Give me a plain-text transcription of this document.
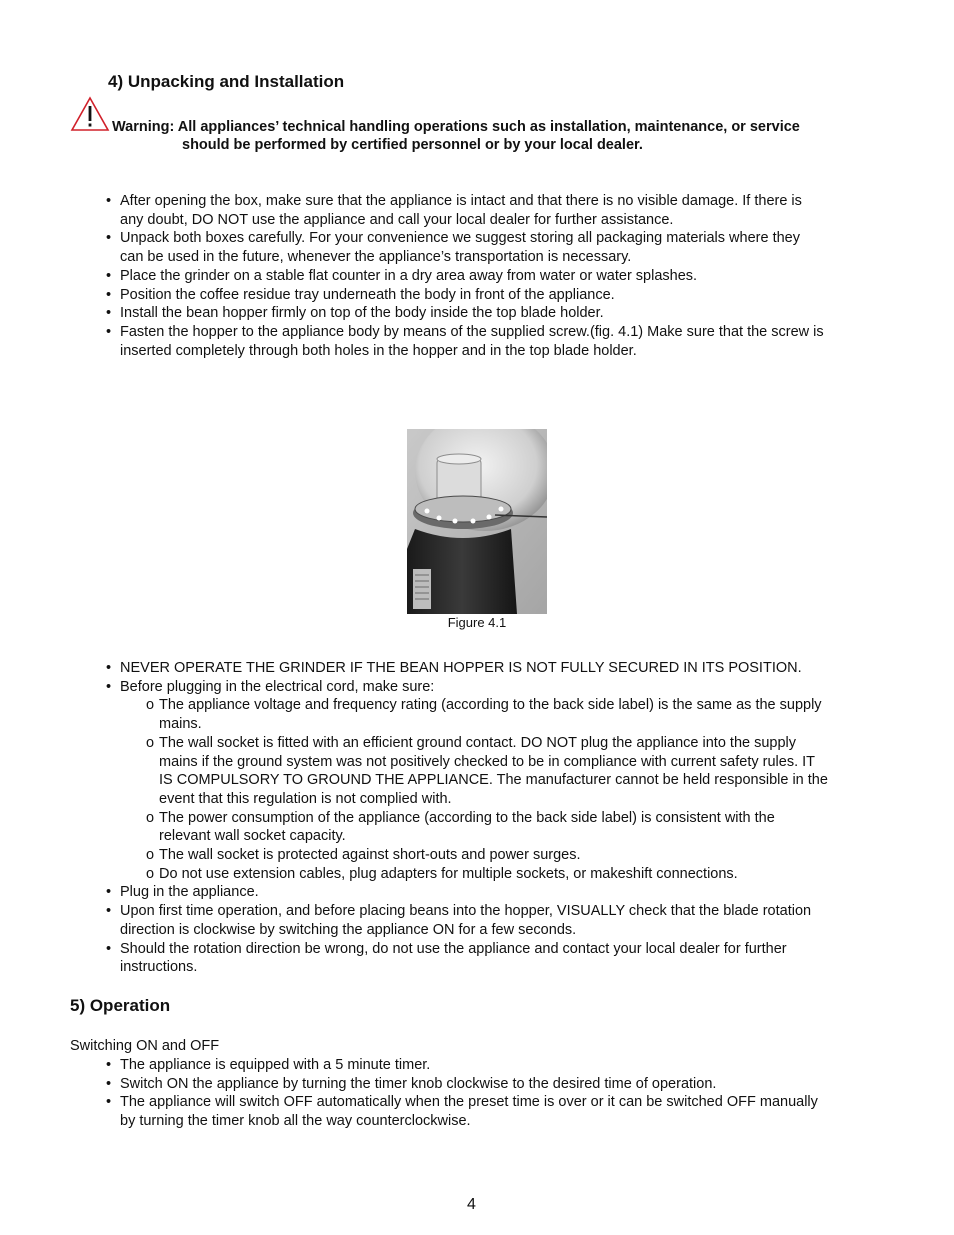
4) Unpacking and Installation
Warning: All appliances’ technical handling operations such as installation, maintenance, or service
should be performed by certified personnel or by your local dealer.
• After opening the box, make sure that the appliance is intact and that there is no visible damage. If there is
any doubt, DO NOT use the appliance and call your local dealer for further assistance.
• Unpack both boxes carefully. For your convenience we suggest storing all packaging materials where they
can be used in the future, whenever the appliance’s transportation is necessary.
• Place the grinder on a stable flat counter in a dry area away from water or water splashes.
• Position the coffee residue tray underneath the body in front of the appliance.
• Install the bean hopper firmly on top of the body inside the top blade holder.
• Fasten the hopper to the appliance body by means of the supplied screw.(fig. 4.1) Make sure that the screw is
inserted completely through both holes in the hopper and in the top blade holder.
Figure 4.1
• NEVER OPERATE THE GRINDER IF THE BEAN HOPPER IS NOT FULLY SECURED IN ITS POSITION.
• Before plugging in the electrical cord, make sure:
o The appliance voltage and frequency rating (according to the back side label) is the same as the supply
mains.
o The wall socket is fitted with an efficient ground contact. DO NOT plug the appliance into the supply
mains if the ground system was not positively checked to be in compliance with current safety rules. IT
IS COMPULSORY TO GROUND THE APPLIANCE. The manufacturer cannot be held responsible in the
event that this regulation is not complied with.
o The power consumption of the appliance (according to the back side label) is consistent with the
relevant wall socket capacity.
o The wall socket is protected against short-outs and power surges.
o Do not use extension cables, plug adapters for multiple sockets, or makeshift connections.
• Plug in the appliance.
• Upon first time operation, and before placing beans into the hopper, VISUALLY check that the blade rotation
direction is clockwise by switching the appliance ON for a few seconds.
• Should the rotation direction be wrong, do not use the appliance and contact your local dealer for further
instructions.
5) Operation
Switching ON and OFF
• The appliance is equipped with a 5 minute timer.
• Switch ON the appliance by turning the timer knob clockwise to the desired time of operation.
• The appliance will switch OFF automatically when the preset time is over or it can be switched OFF manually
by turning the timer knob all the way counterclockwise.
4
